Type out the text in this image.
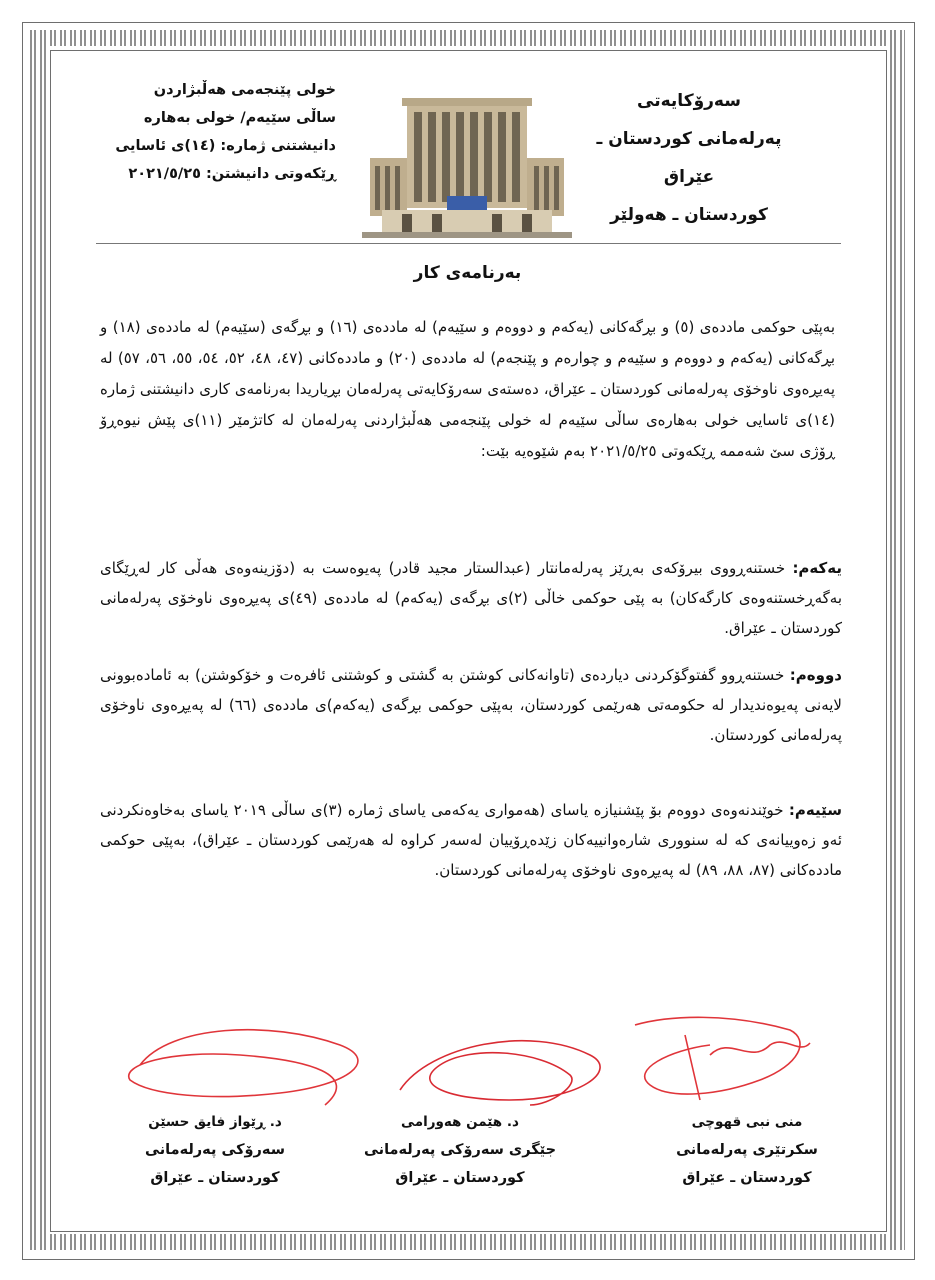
سەرۆکایەتی
پەرلەمانی کوردستان ـ عێراق
کوردستان ـ هەولێر
خولی پێنجەمی هەڵبژاردن
ساڵی سێیەم/ خولی بەهارە
دانیشتنی ژمارە: (١٤)ی ئاسایی
ڕێکەوتی دانیشتن: ٢٠٢١/٥/٢٥
بەرنامەی کار
بەپێی حوکمی ماددەی (٥) و بڕگەکانی (یەکەم و دووەم و سێیەم) لە ماددەی (١٦) و بڕگەی (سێیەم) لە ماددەی (١٨) و بڕگەکانی (یەکەم و دووەم و سێیەم و چوارەم و پێنجەم) لە ماددەی (٢٠) و ماددەکانی (٤٧، ٤٨، ٥٢، ٥٤، ٥٥، ٥٦، ٥٧) لە پەیڕەوی ناوخۆی پەرلەمانی کوردستان ـ عێراق، دەستەی سەرۆکایەتی پەرلەمان بڕیاریدا بەرنامەی کاری دانیشتنی ژمارە (١٤)ی ئاسایی خولی بەهارەی ساڵی سێیەم لە خولی پێنجەمی هەڵبژاردنی پەرلەمان لە کاتژمێر (١١)ی پێش نیوەڕۆ ڕۆژی سێ شەممە ڕێکەوتی ٢٠٢١/٥/٢٥ بەم شێوەیە بێت:
یەکەم: خستنەڕووی بیرۆکەی بەڕێز پەرلەمانتار (عبدالستار مجید قادر) پەیوەست بە (دۆزینەوەی هەڵی کار لەڕێگای بەگەڕخستنەوەی کارگەکان) بە پێی حوکمی خاڵی (٢)ی بڕگەی (یەکەم) لە ماددەی (٤٩)ی پەیڕەوی ناوخۆی پەرلەمانی کوردستان ـ عێراق.
دووەم: خستنەڕوو گفتوگۆکردنی دیاردەی (تاوانەکانی کوشتن بە گشتی و کوشتنی ئافرەت و خۆکوشتن) بە ئامادەبوونی لایەنی پەیوەندیدار لە حکومەتی هەرێمی کوردستان، بەپێی حوکمی بڕگەی (یەکەم)ی ماددەی (٦٦) لە پەیڕەوی ناوخۆی پەرلەمانی کوردستان.
سێیەم: خوێندنەوەی دووەم بۆ پێشنیازە یاسای (هەمواری یەکەمی یاسای ژمارە (٣)ی ساڵی ٢٠١٩ یاسای بەخاوەنکردنی ئەو زەوییانەی کە لە سنووری شارەوانییەکان زێدەڕۆییان لەسەر کراوە لە هەرێمی کوردستان ـ عێراق)، بەپێی حوکمی ماددەکانی (٨٧، ٨٨، ٨٩) لە پەیڕەوی ناوخۆی پەرلەمانی کوردستان.
منى نبى قهوچى
سکرتێری پەرلەمانی
کوردستان ـ عێراق
د. هێمن هەورامی
جێگری سەرۆکی پەرلەمانی
کوردستان ـ عێراق
د. ڕێواز فایق حسێن
سەرۆکی پەرلەمانی
کوردستان ـ عێراق
